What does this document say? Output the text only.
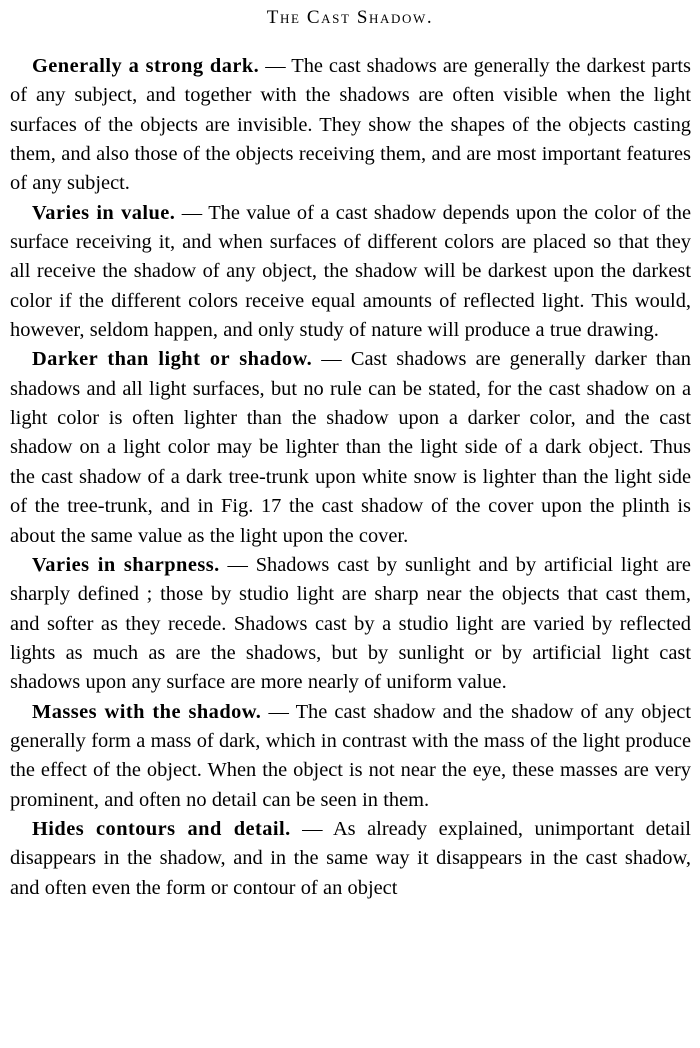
The Cast Shadow.

Generally a strong dark. — The cast shadows are generally the darkest parts of any subject, and together with the shadows are often visible when the light surfaces of the objects are invisible. They show the shapes of the objects casting them, and also those of the objects receiving them, and are most important features of any subject.

Varies in value. — The value of a cast shadow depends upon the color of the surface receiving it, and when surfaces of different colors are placed so that they all receive the shadow of any object, the shadow will be darkest upon the darkest color if the different colors receive equal amounts of reflected light. This would, however, seldom happen, and only study of nature will produce a true drawing.

Darker than light or shadow. — Cast shadows are generally darker than shadows and all light surfaces, but no rule can be stated, for the cast shadow on a light color is often lighter than the shadow upon a darker color, and the cast shadow on a light color may be lighter than the light side of a dark object. Thus the cast shadow of a dark tree-trunk upon white snow is lighter than the light side of the tree-trunk, and in Fig. 17 the cast shadow of the cover upon the plinth is about the same value as the light upon the cover.

Varies in sharpness. — Shadows cast by sunlight and by artificial light are sharply defined ; those by studio light are sharp near the objects that cast them, and softer as they recede. Shadows cast by a studio light are varied by reflected lights as much as are the shadows, but by sunlight or by artificial light cast shadows upon any surface are more nearly of uniform value.

Masses with the shadow. — The cast shadow and the shadow of any object generally form a mass of dark, which in contrast with the mass of the light produce the effect of the object. When the object is not near the eye, these masses are very prominent, and often no detail can be seen in them.

Hides contours and detail. — As already explained, unimportant detail disappears in the shadow, and in the same way it disappears in the cast shadow, and often even the form or contour of an object
